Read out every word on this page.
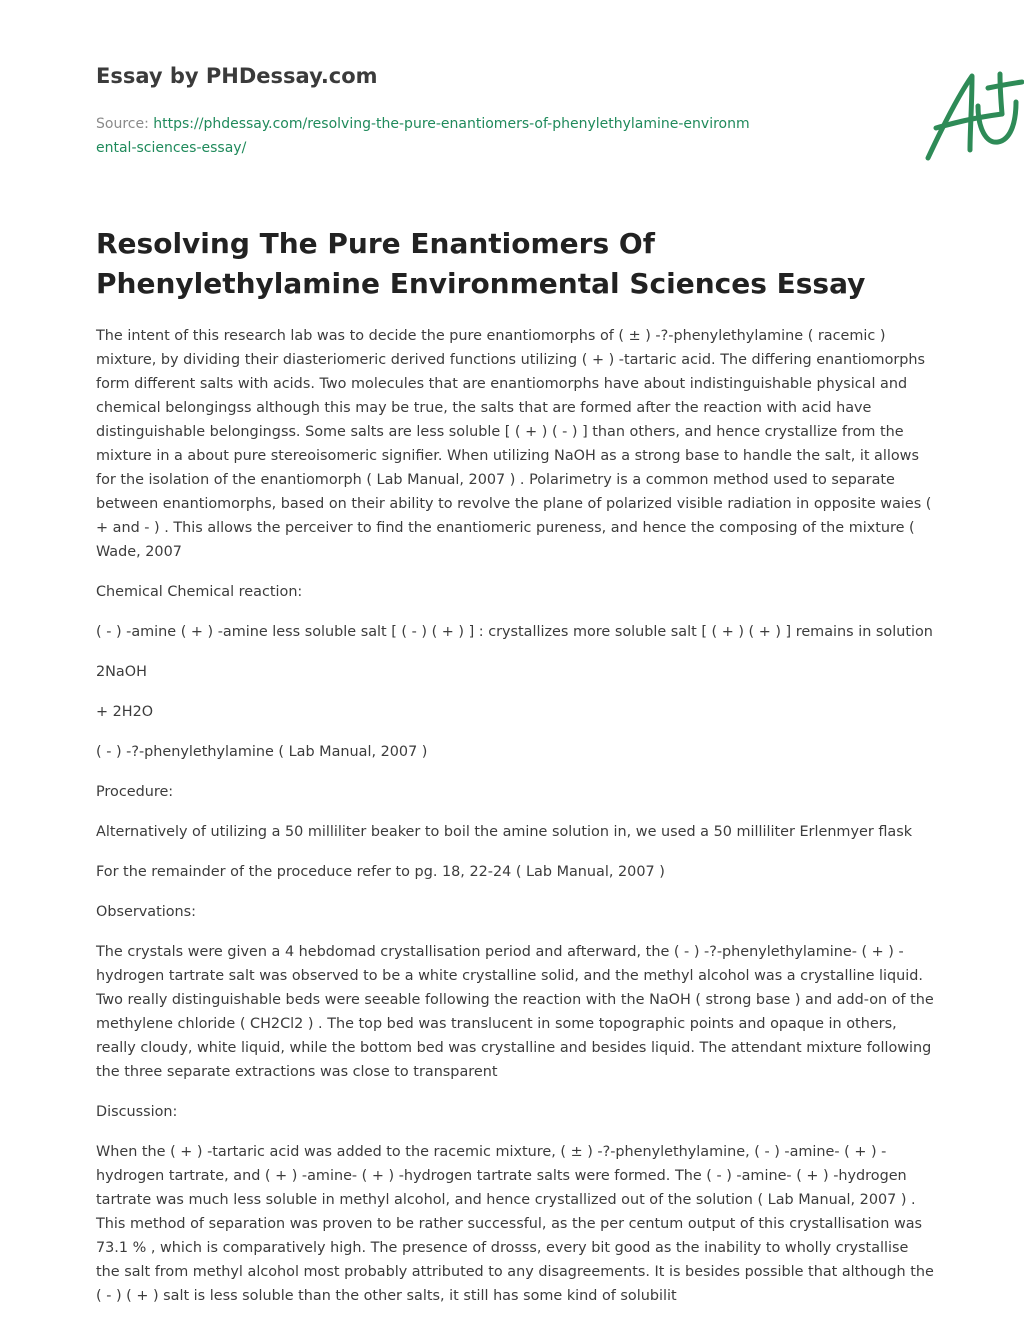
Essay by PHDessay.com
Source: https://phdessay.com/resolving-the-pure-enantiomers-of-phenylethylamine-environmental-sciences-essay/
Resolving The Pure Enantiomers Of Phenylethylamine Environmental Sciences Essay

The intent of this research lab was to decide the pure enantiomorphs of ( ± ) -?-phenylethylamine ( racemic ) mixture, by dividing their diasteriomeric derived functions utilizing ( + ) -tartaric acid. The differing enantiomorphs form different salts with acids. Two molecules that are enantiomorphs have about indistinguishable physical and chemical belongingss although this may be true, the salts that are formed after the reaction with acid have distinguishable belongingss. Some salts are less soluble [ ( + ) ( - ) ] than others, and hence crystallize from the mixture in a about pure stereoisomeric signifier. When utilizing NaOH as a strong base to handle the salt, it allows for the isolation of the enantiomorph ( Lab Manual, 2007 ) . Polarimetry is a common method used to separate between enantiomorphs, based on their ability to revolve the plane of polarized visible radiation in opposite waies ( + and - ) . This allows the perceiver to find the enantiomeric pureness, and hence the composing of the mixture ( Wade, 2007

Chemical Chemical reaction:

( - ) -amine ( + ) -amine less soluble salt [ ( - ) ( + ) ] : crystallizes more soluble salt [ ( + ) ( + ) ] remains in solution

2NaOH

+ 2H2O

( - ) -?-phenylethylamine ( Lab Manual, 2007 )

Procedure:

Alternatively of utilizing a 50 milliliter beaker to boil the amine solution in, we used a 50 milliliter Erlenmyer flask

For the remainder of the proceduce refer to pg. 18, 22-24 ( Lab Manual, 2007 )

Observations:

The crystals were given a 4 hebdomad crystallisation period and afterward, the ( - ) -?-phenylethylamine- ( + ) -hydrogen tartrate salt was observed to be a white crystalline solid, and the methyl alcohol was a crystalline liquid. Two really distinguishable beds were seeable following the reaction with the NaOH ( strong base ) and add-on of the methylene chloride ( CH2Cl2 ) . The top bed was translucent in some topographic points and opaque in others, really cloudy, white liquid, while the bottom bed was crystalline and besides liquid. The attendant mixture following the three separate extractions was close to transparent

Discussion:

When the ( + ) -tartaric acid was added to the racemic mixture, ( ± ) -?-phenylethylamine, ( - ) -amine- ( + ) -hydrogen tartrate, and ( + ) -amine- ( + ) -hydrogen tartrate salts were formed. The ( - ) -amine- ( + ) -hydrogen tartrate was much less soluble in methyl alcohol, and hence crystallized out of the solution ( Lab Manual, 2007 ) . This method of separation was proven to be rather successful, as the per centum output of this crystallisation was 73.1 % , which is comparatively high. The presence of drosss, every bit good as the inability to wholly crystallise the salt from methyl alcohol most probably attributed to any disagreements. It is besides possible that although the ( - ) ( + ) salt is less soluble than the other salts, it still has some kind of solubilit
